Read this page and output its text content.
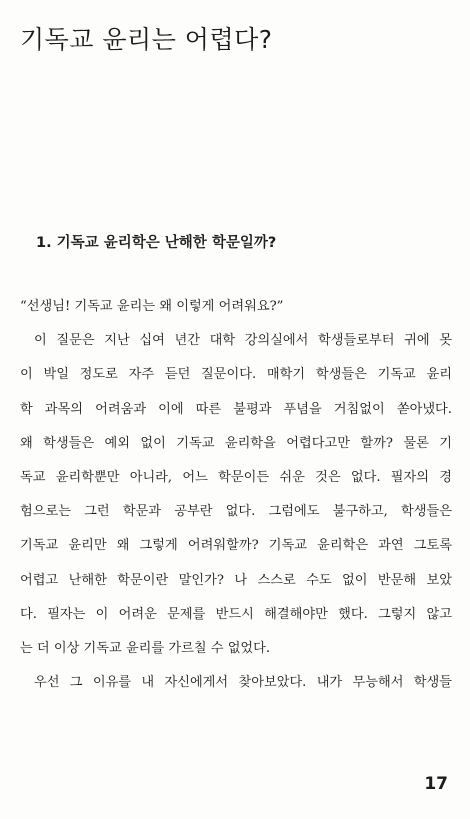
기독교 윤리는 어렵다?
1. 기독교 윤리학은 난해한 학문일까?
“선생님! 기독교 윤리는 왜 이렇게 어려워요?”
이 질문은 지난 십여 년간 대학 강의실에서 학생들로부터 귀에 못
이 박일 정도로 자주 듣던 질문이다. 매학기 학생들은 기독교 윤리
학 과목의 어려움과 이에 따른 불평과 푸념을 거침없이 쏟아냈다.
왜 학생들은 예외 없이 기독교 윤리학을 어렵다고만 할까? 물론 기
독교 윤리학뿐만 아니라, 어느 학문이든 쉬운 것은 없다. 필자의 경
험으로는 그런 학문과 공부란 없다. 그럼에도 불구하고, 학생들은
기독교 윤리만 왜 그렇게 어려워할까? 기독교 윤리학은 과연 그토록
어렵고 난해한 학문이란 말인가? 나 스스로 수도 없이 반문해 보았
다. 필자는 이 어려운 문제를 반드시 해결해야만 했다. 그렇지 않고
는 더 이상 기독교 윤리를 가르칠 수 없었다.
우선 그 이유를 내 자신에게서 찾아보았다. 내가 무능해서 학생들
17
